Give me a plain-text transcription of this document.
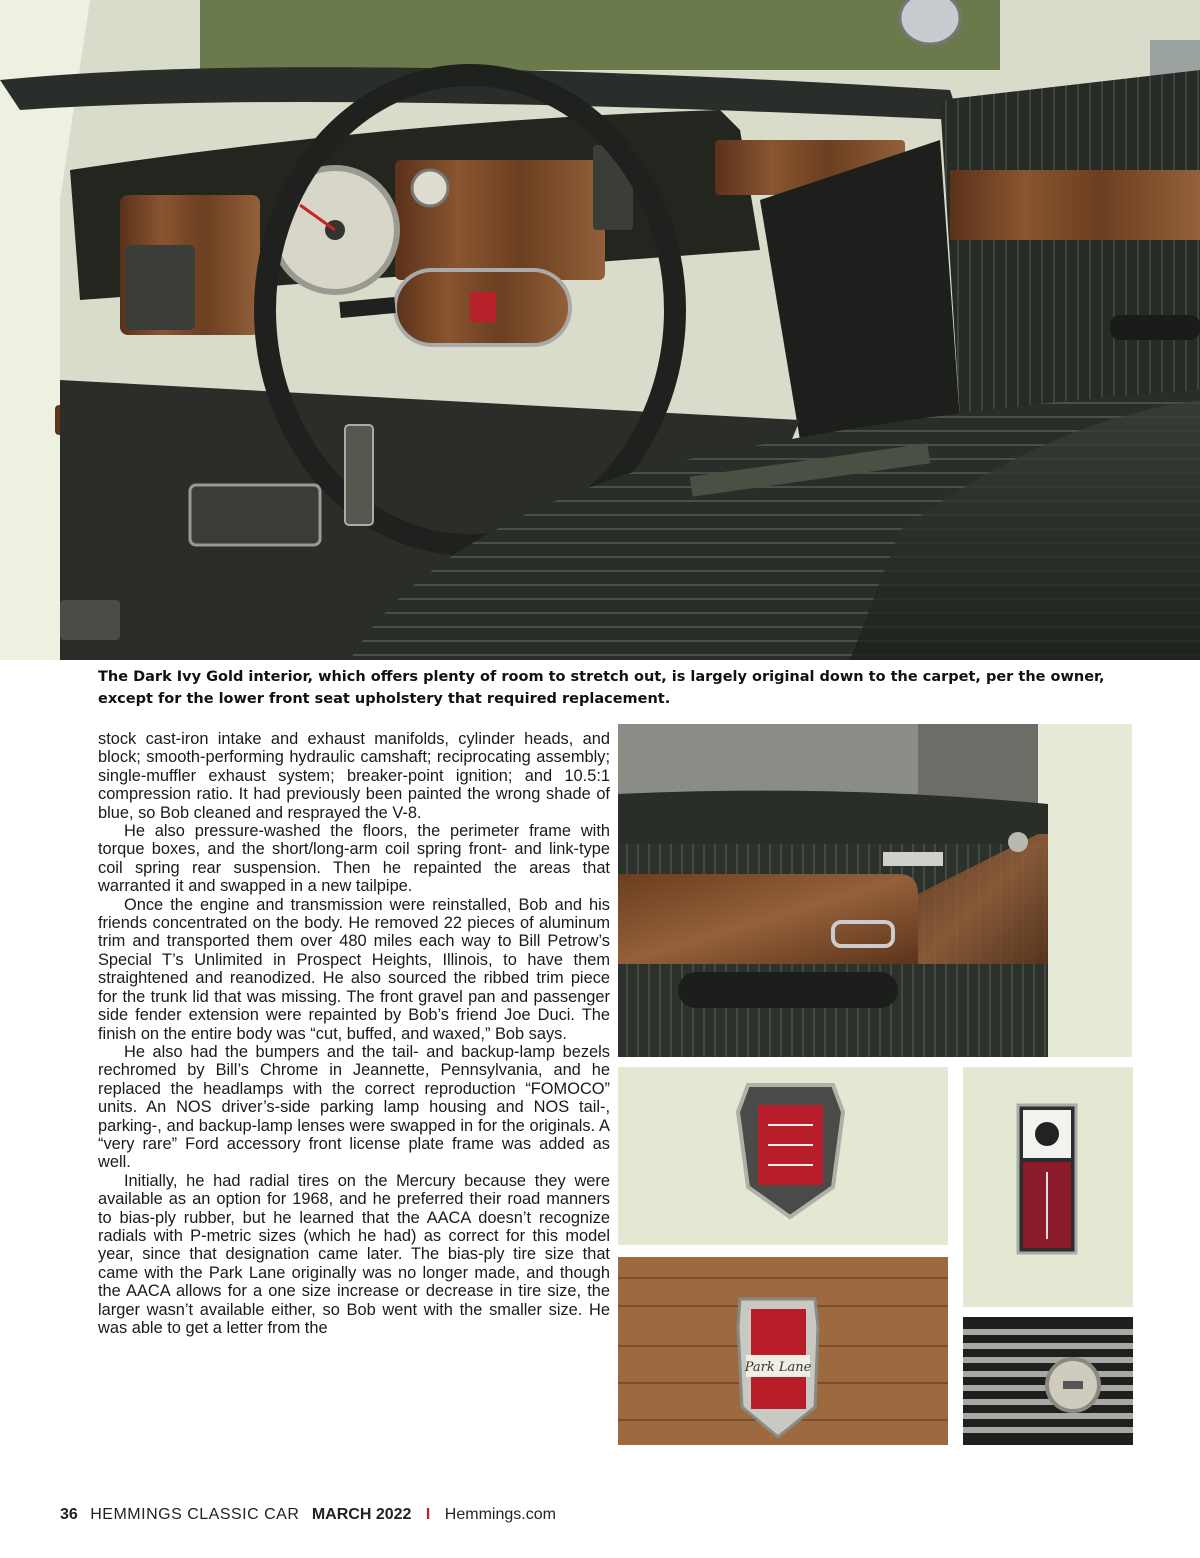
The Dark Ivy Gold interior, which offers plenty of room to stretch out, is largely original down to the carpet, per the owner, except for the lower front seat upholstery that required replacement.

stock cast-iron intake and exhaust manifolds, cylinder heads, and block; smooth-performing hydraulic camshaft; reciprocating assembly; single-muffler exhaust system; breaker-point ignition; and 10.5:1 compression ratio. It had previously been painted the wrong shade of blue, so Bob cleaned and resprayed the V-8.

He also pressure-washed the floors, the perimeter frame with torque boxes, and the short/long-arm coil spring front- and link-type coil spring rear suspension. Then he repainted the areas that warranted it and swapped in a new tailpipe.

Once the engine and transmission were reinstalled, Bob and his friends concentrated on the body. He removed 22 pieces of aluminum trim and transported them over 480 miles each way to Bill Petrow’s Special T’s Unlimited in Prospect Heights, Illinois, to have them straightened and reanodized. He also sourced the ribbed trim piece for the trunk lid that was missing. The front gravel pan and passenger side fender extension were repainted by Bob’s friend Joe Duci. The finish on the entire body was “cut, buffed, and waxed,” Bob says.

He also had the bumpers and the tail- and backup-lamp bezels rechromed by Bill’s Chrome in Jeannette, Pennsylvania, and he replaced the headlamps with the correct reproduction “FOMOCO” units. An NOS driver’s-side parking lamp housing and NOS tail-, parking-, and backup-lamp lenses were swapped in for the originals. A “very rare” Ford accessory front license plate frame was added as well.

Initially, he had radial tires on the Mercury because they were available as an option for 1968, and he preferred their road manners to bias-ply rubber, but he learned that the AACA doesn’t recognize radials with P-metric sizes (which he had) as correct for this model year, since that designation came later. The bias-ply tire size that came with the Park Lane originally was no longer made, and though the AACA allows for a one size increase or decrease in tire size, the larger wasn’t available either, so Bob went with the smaller size. He was able to get a letter from the

Park Lane
36 HEMMINGS CLASSIC CAR MARCH 2022 I Hemmings.com
